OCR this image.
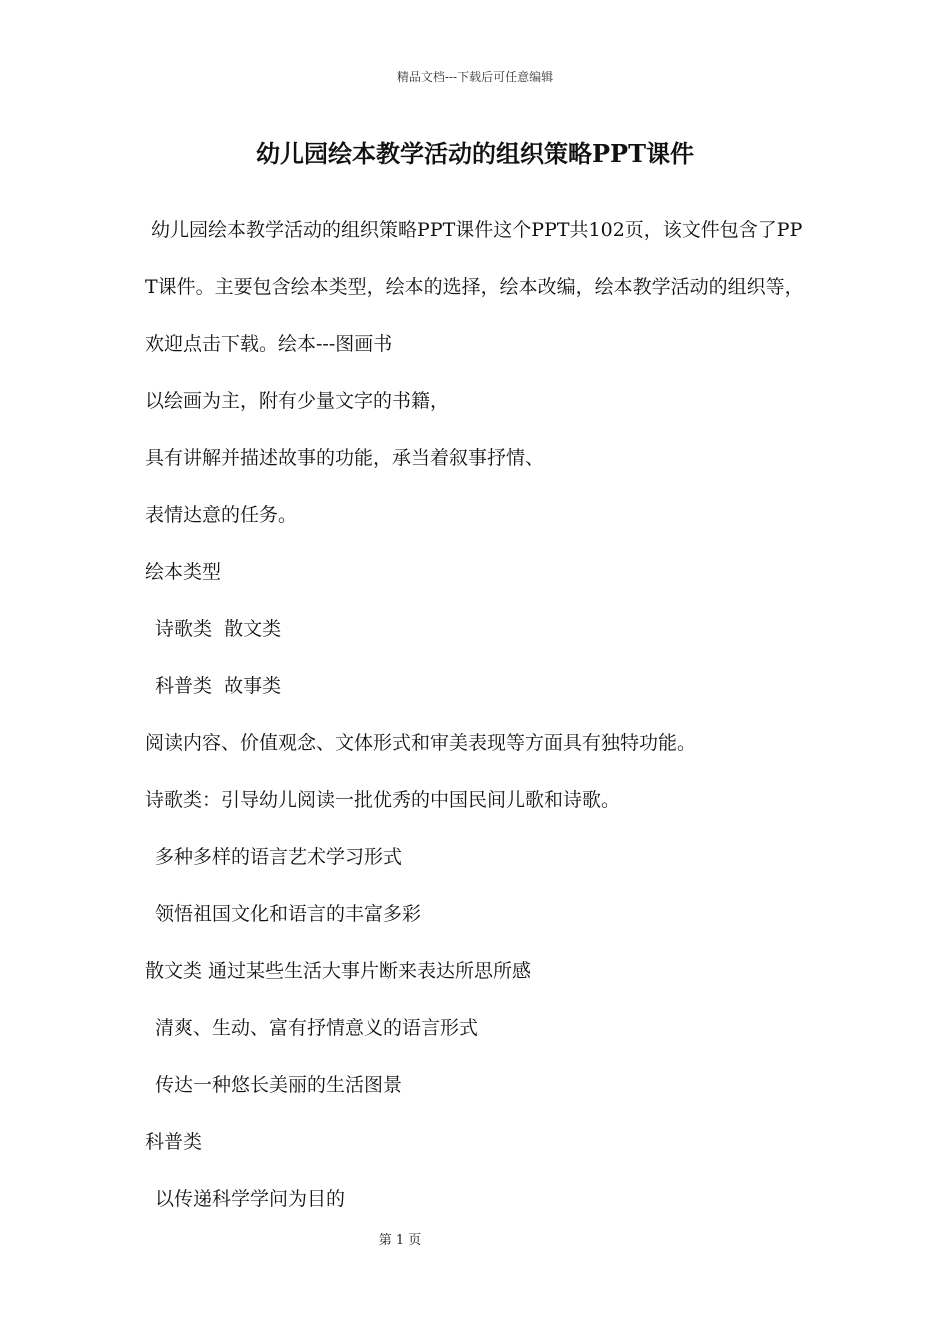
精品文档---下载后可任意编辑
幼儿园绘本教学活动的组织策略PPT课件

幼儿园绘本教学活动的组织策略PPT课件这个PPT共102页，该文件包含了PPT课件。主要包含绘本类型，绘本的选择，绘本改编，绘本教学活动的组织等，欢迎点击下载。绘本---图画书

以绘画为主，附有少量文字的书籍，

具有讲解并描述故事的功能，承当着叙事抒情、

表情达意的任务。

绘本类型

诗歌类  散文类

科普类  故事类

阅读内容、价值观念、文体形式和审美表现等方面具有独特功能。

诗歌类：引导幼儿阅读一批优秀的中国民间儿歌和诗歌。

多种多样的语言艺术学习形式

领悟祖国文化和语言的丰富多彩

散文类 通过某些生活大事片断来表达所思所感

清爽、生动、富有抒情意义的语言形式

传达一种悠长美丽的生活图景

科普类

以传递科学学问为目的

第 1 页
